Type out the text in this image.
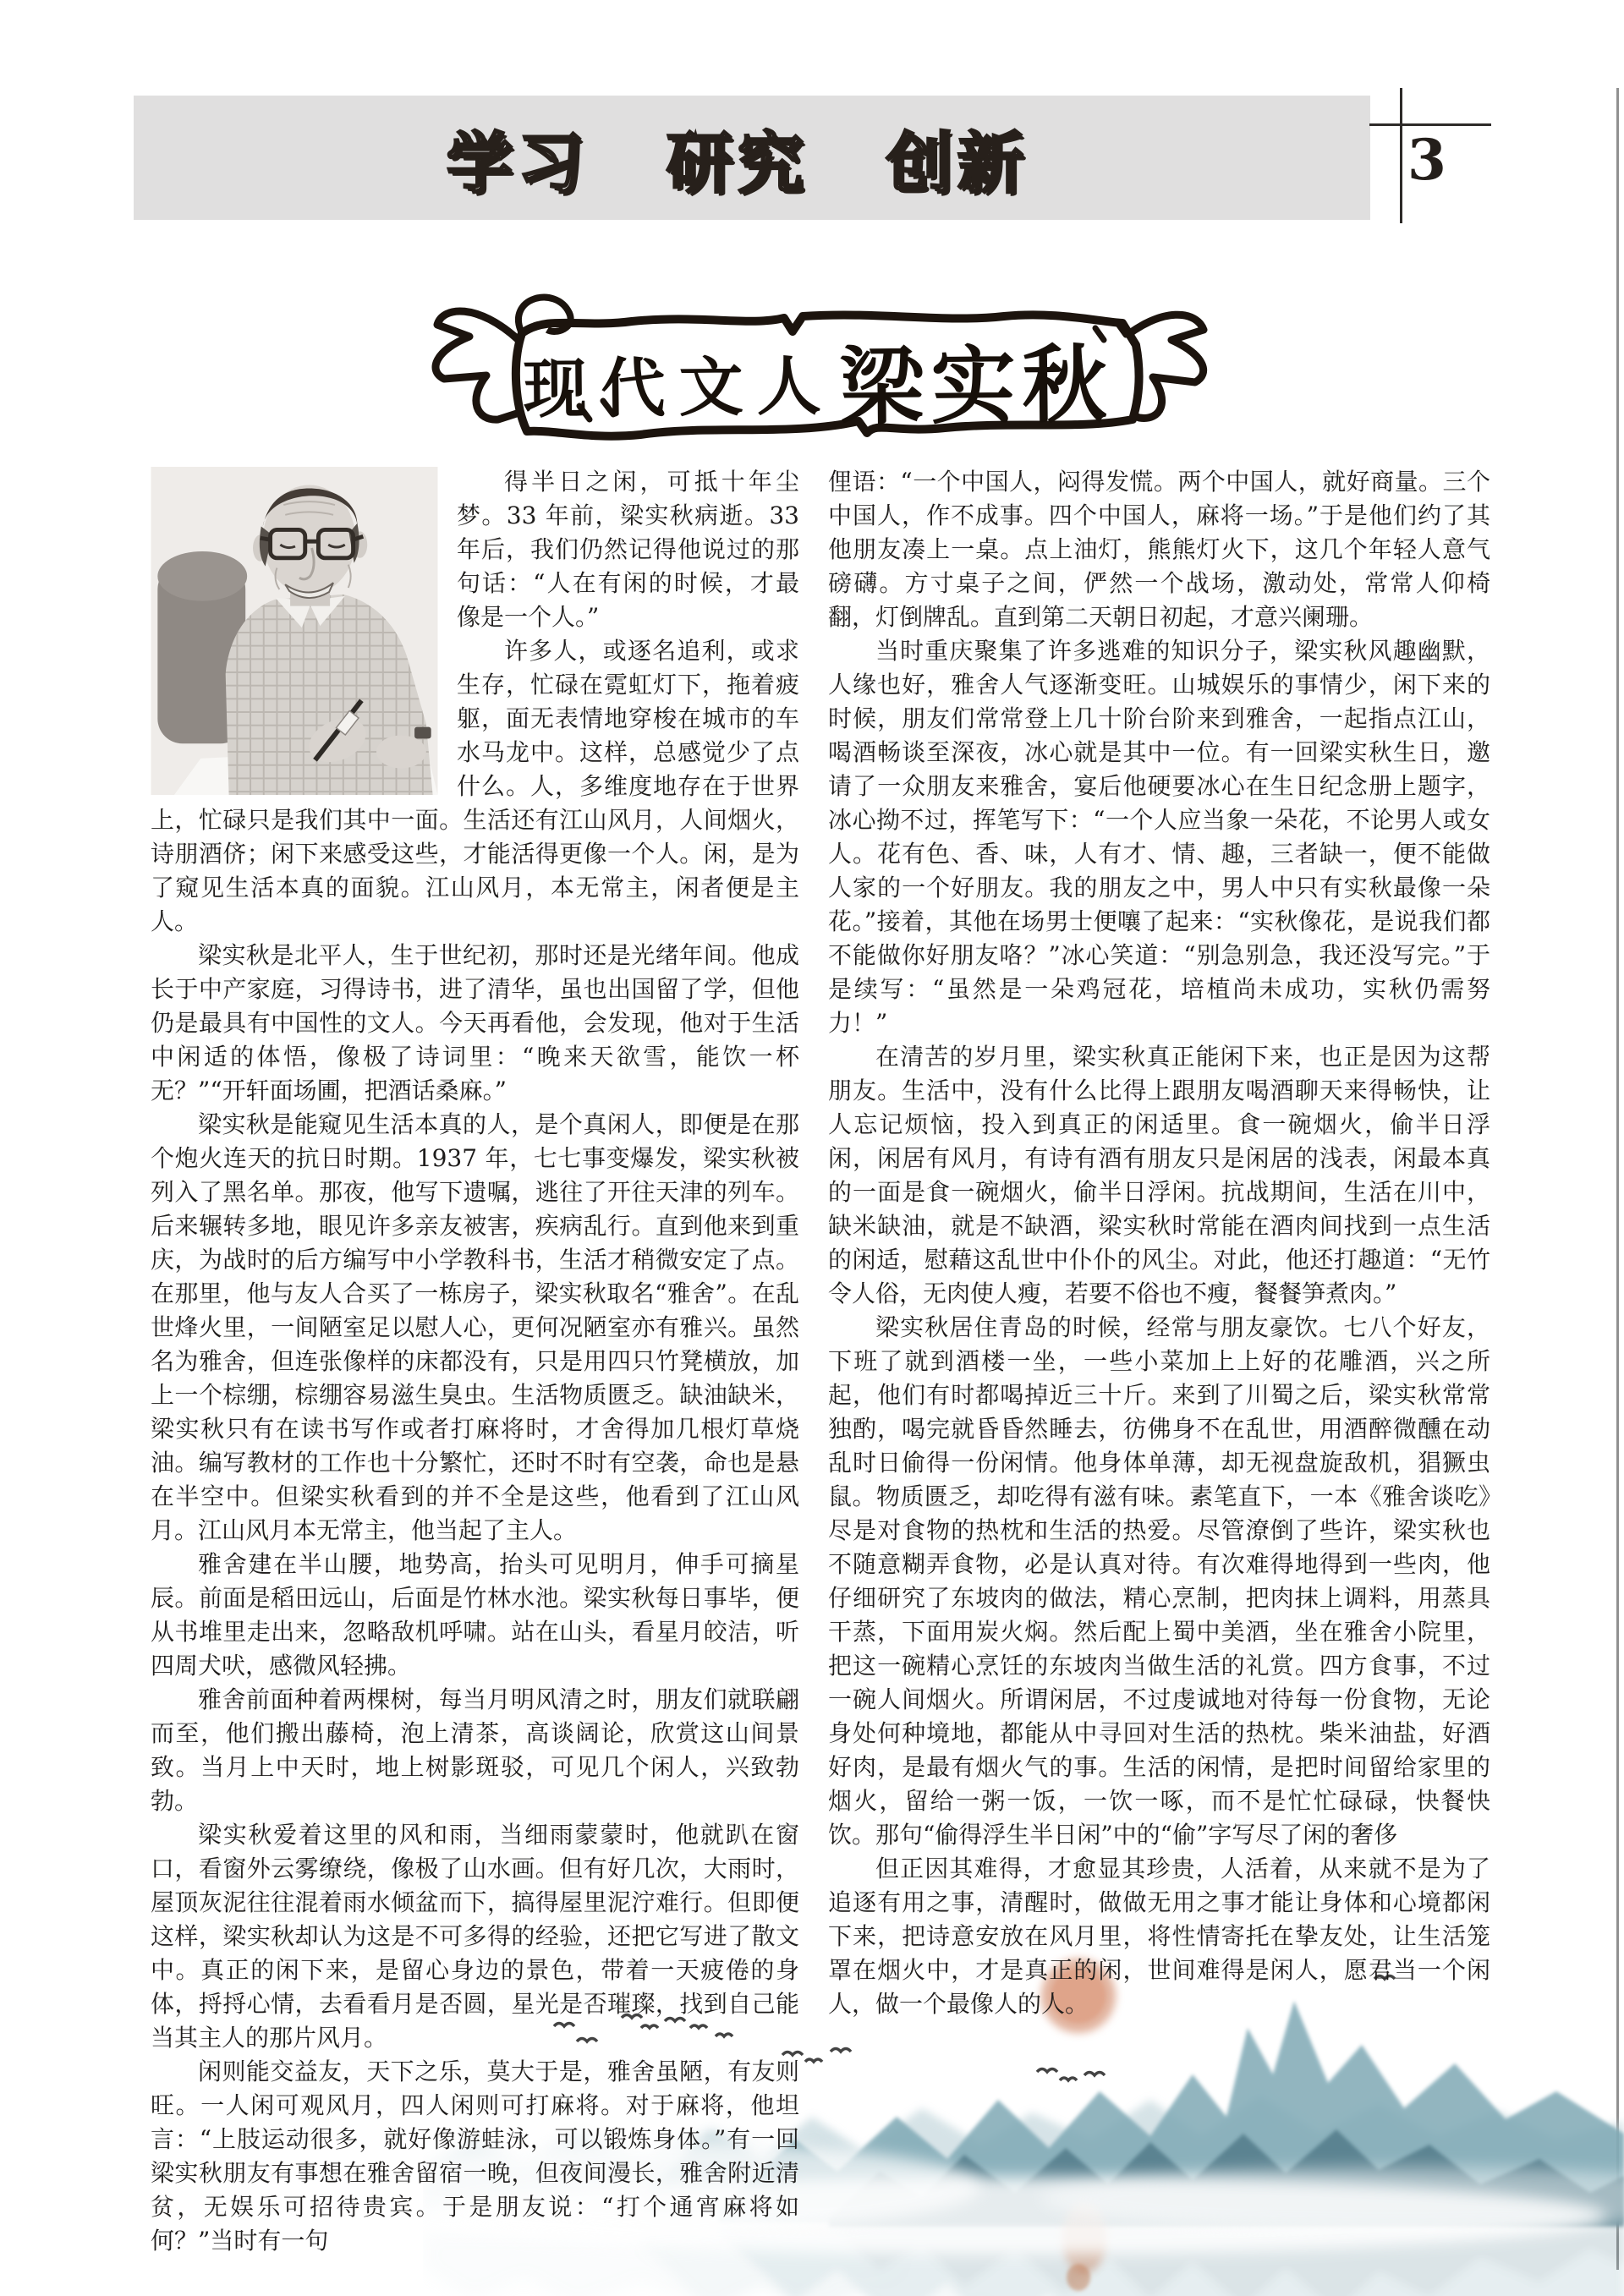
学习 研究 创新	3
现代文人 梁实秋

得半日之闲，可抵十年尘梦。33 年前，梁实秋病逝。33 年后，我们仍然记得他说过的那句话：“人在有闲的时候，才最像是一个人。”

许多人，或逐名追利，或求生存，忙碌在霓虹灯下，拖着疲躯，面无表情地穿梭在城市的车水马龙中。这样，总感觉少了点什么。人，多维度地存在于世界上，忙碌只是我们其中一面。生活还有江山风月，人间烟火，诗朋酒侪；闲下来感受这些，才能活得更像一个人。闲，是为了窥见生活本真的面貌。江山风月，本无常主，闲者便是主人。

梁实秋是北平人，生于世纪初，那时还是光绪年间。他成长于中产家庭，习得诗书，进了清华，虽也出国留了学，但他仍是最具有中国性的文人。今天再看他，会发现，他对于生活中闲适的体悟，像极了诗词里：“晚来天欲雪，能饮一杯无？”“开轩面场圃，把酒话桑麻。”

梁实秋是能窥见生活本真的人，是个真闲人，即便是在那个炮火连天的抗日时期。1937 年，七七事变爆发，梁实秋被列入了黑名单。那夜，他写下遗嘱，逃往了开往天津的列车。后来辗转多地，眼见许多亲友被害，疾病乱行。直到他来到重庆，为战时的后方编写中小学教科书，生活才稍微安定了点。在那里，他与友人合买了一栋房子，梁实秋取名“雅舍”。在乱世烽火里，一间陋室足以慰人心，更何况陋室亦有雅兴。虽然名为雅舍，但连张像样的床都没有，只是用四只竹凳横放，加上一个棕绷，棕绷容易滋生臭虫。生活物质匮乏。缺油缺米，梁实秋只有在读书写作或者打麻将时，才舍得加几根灯草烧油。编写教材的工作也十分繁忙，还时不时有空袭，命也是悬在半空中。但梁实秋看到的并不全是这些，他看到了江山风月。江山风月本无常主，他当起了主人。

雅舍建在半山腰，地势高，抬头可见明月，伸手可摘星辰。前面是稻田远山，后面是竹林水池。梁实秋每日事毕，便从书堆里走出来，忽略敌机呼啸。站在山头，看星月皎洁，听四周犬吠，感微风轻拂。

雅舍前面种着两棵树，每当月明风清之时，朋友们就联翩而至，他们搬出藤椅，泡上清茶，高谈阔论，欣赏这山间景致。当月上中天时，地上树影斑驳，可见几个闲人，兴致勃勃。

梁实秋爱着这里的风和雨，当细雨蒙蒙时，他就趴在窗口，看窗外云雾缭绕，像极了山水画。但有好几次，大雨时，屋顶灰泥往往混着雨水倾盆而下，搞得屋里泥泞难行。但即便这样，梁实秋却认为这是不可多得的经验，还把它写进了散文中。真正的闲下来，是留心身边的景色，带着一天疲倦的身体，捋捋心情，去看看月是否圆，星光是否璀璨，找到自己能当其主人的那片风月。

闲则能交益友，天下之乐，莫大于是，雅舍虽陋，有友则旺。一人闲可观风月，四人闲则可打麻将。对于麻将，他坦言：“上肢运动很多，就好像游蛙泳，可以锻炼身体。”有一回梁实秋朋友有事想在雅舍留宿一晚，但夜间漫长，雅舍附近清贫，无娱乐可招待贵宾。于是朋友说：“打个通宵麻将如何？”当时有一句

俚语：“一个中国人，闷得发慌。两个中国人，就好商量。三个中国人，作不成事。四个中国人，麻将一场。”于是他们约了其他朋友凑上一桌。点上油灯，熊熊灯火下，这几个年轻人意气磅礴。方寸桌子之间，俨然一个战场，激动处，常常人仰椅翻，灯倒牌乱。直到第二天朝日初起，才意兴阑珊。

当时重庆聚集了许多逃难的知识分子，梁实秋风趣幽默，人缘也好，雅舍人气逐渐变旺。山城娱乐的事情少，闲下来的时候，朋友们常常登上几十阶台阶来到雅舍，一起指点江山，喝酒畅谈至深夜，冰心就是其中一位。有一回梁实秋生日，邀请了一众朋友来雅舍，宴后他硬要冰心在生日纪念册上题字，冰心拗不过，挥笔写下：“一个人应当象一朵花，不论男人或女人。花有色、香、味，人有才、情、趣，三者缺一，便不能做人家的一个好朋友。我的朋友之中，男人中只有实秋最像一朵花。”接着，其他在场男士便嚷了起来：“实秋像花，是说我们都不能做你好朋友咯？”冰心笑道：“别急别急，我还没写完。”于是续写：“虽然是一朵鸡冠花，培植尚未成功，实秋仍需努力！”

在清苦的岁月里，梁实秋真正能闲下来，也正是因为这帮朋友。生活中，没有什么比得上跟朋友喝酒聊天来得畅快，让人忘记烦恼，投入到真正的闲适里。食一碗烟火，偷半日浮闲，闲居有风月，有诗有酒有朋友只是闲居的浅表，闲最本真的一面是食一碗烟火，偷半日浮闲。抗战期间，生活在川中，缺米缺油，就是不缺酒，梁实秋时常能在酒肉间找到一点生活的闲适，慰藉这乱世中仆仆的风尘。对此，他还打趣道：“无竹令人俗，无肉使人瘦，若要不俗也不瘦，餐餐笋煮肉。”

梁实秋居住青岛的时候，经常与朋友豪饮。七八个好友，下班了就到酒楼一坐，一些小菜加上上好的花雕酒，兴之所起，他们有时都喝掉近三十斤。来到了川蜀之后，梁实秋常常独酌，喝完就昏昏然睡去，彷佛身不在乱世，用酒醉微醺在动乱时日偷得一份闲情。他身体单薄，却无视盘旋敌机，猖獗虫鼠。物质匮乏，却吃得有滋有味。素笔直下，一本《雅舍谈吃》尽是对食物的热枕和生活的热爱。尽管潦倒了些许，梁实秋也不随意糊弄食物，必是认真对待。有次难得地得到一些肉，他仔细研究了东坡肉的做法，精心烹制，把肉抹上调料，用蒸具干蒸，下面用炭火焖。然后配上蜀中美酒，坐在雅舍小院里，把这一碗精心烹饪的东坡肉当做生活的礼赏。四方食事，不过一碗人间烟火。所谓闲居，不过虔诚地对待每一份食物，无论身处何种境地，都能从中寻回对生活的热枕。柴米油盐，好酒好肉，是最有烟火气的事。生活的闲情，是把时间留给家里的烟火，留给一粥一饭，一饮一啄，而不是忙忙碌碌，快餐快饮。那句“偷得浮生半日闲”中的“偷”字写尽了闲的奢侈

但正因其难得，才愈显其珍贵，人活着，从来就不是为了追逐有用之事，清醒时，做做无用之事才能让身体和心境都闲下来，把诗意安放在风月里，将性情寄托在挚友处，让生活笼罩在烟火中，才是真正的闲，世间难得是闲人，愿君当一个闲人，做一个最像人的人。
